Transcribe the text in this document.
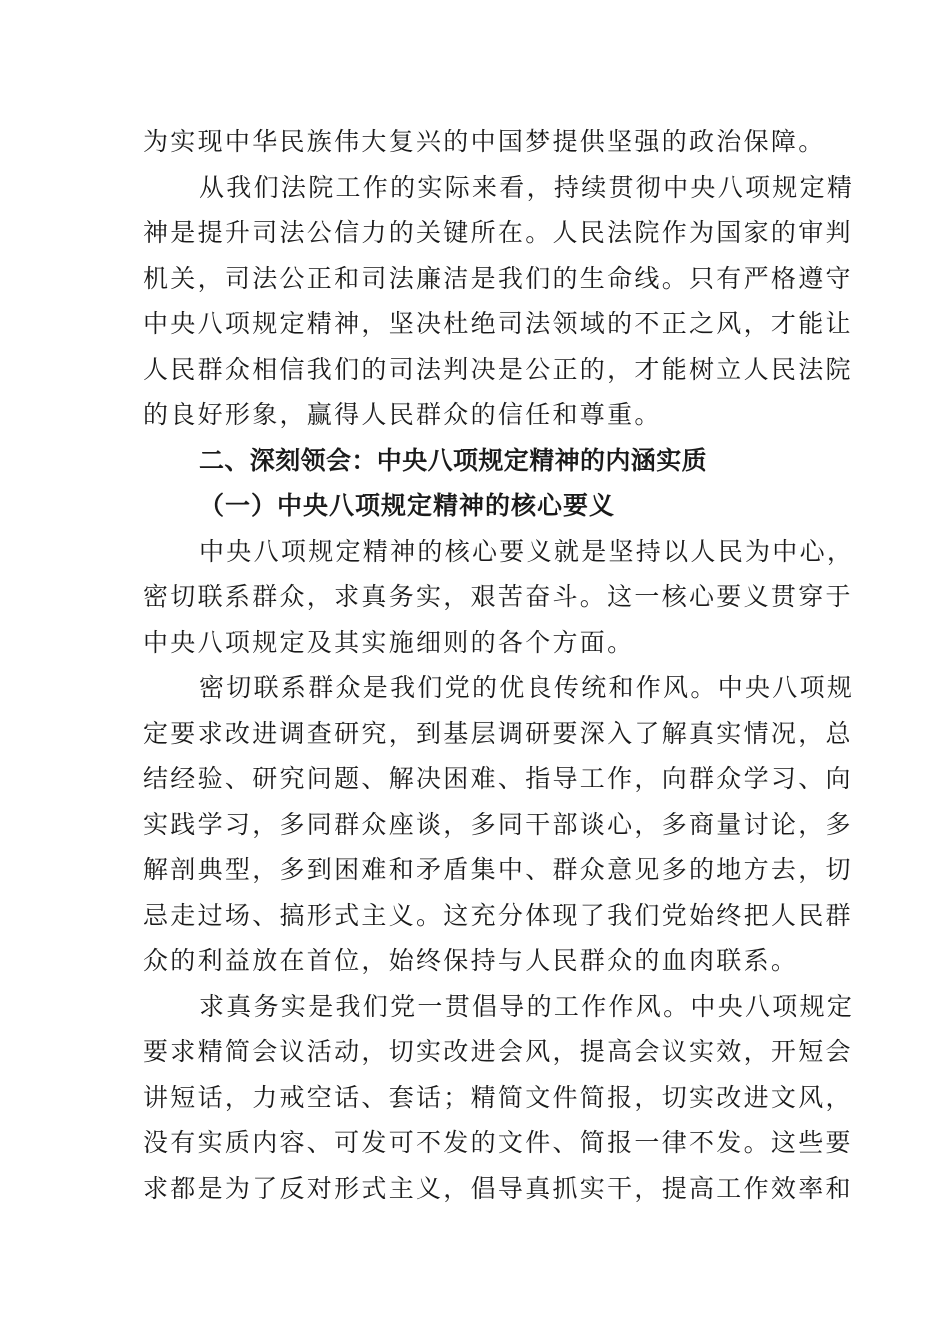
为实现中华民族伟大复兴的中国梦提供坚强的政治保障。
从我们法院工作的实际来看，持续贯彻中央八项规定精
神是提升司法公信力的关键所在。人民法院作为国家的审判
机关，司法公正和司法廉洁是我们的生命线。只有严格遵守
中央八项规定精神，坚决杜绝司法领域的不正之风，才能让
人民群众相信我们的司法判决是公正的，才能树立人民法院
的良好形象，赢得人民群众的信任和尊重。
二、深刻领会：中央八项规定精神的内涵实质
（一）中央八项规定精神的核心要义
中央八项规定精神的核心要义就是坚持以人民为中心，
密切联系群众，求真务实，艰苦奋斗。这一核心要义贯穿于
中央八项规定及其实施细则的各个方面。
密切联系群众是我们党的优良传统和作风。中央八项规
定要求改进调查研究，到基层调研要深入了解真实情况，总
结经验、研究问题、解决困难、指导工作，向群众学习、向
实践学习，多同群众座谈，多同干部谈心，多商量讨论，多
解剖典型，多到困难和矛盾集中、群众意见多的地方去，切
忌走过场、搞形式主义。这充分体现了我们党始终把人民群
众的利益放在首位，始终保持与人民群众的血肉联系。
求真务实是我们党一贯倡导的工作作风。中央八项规定
要求精简会议活动，切实改进会风，提高会议实效，开短会
讲短话，力戒空话、套话；精简文件简报，切实改进文风，
没有实质内容、可发可不发的文件、简报一律不发。这些要
求都是为了反对形式主义，倡导真抓实干，提高工作效率和
